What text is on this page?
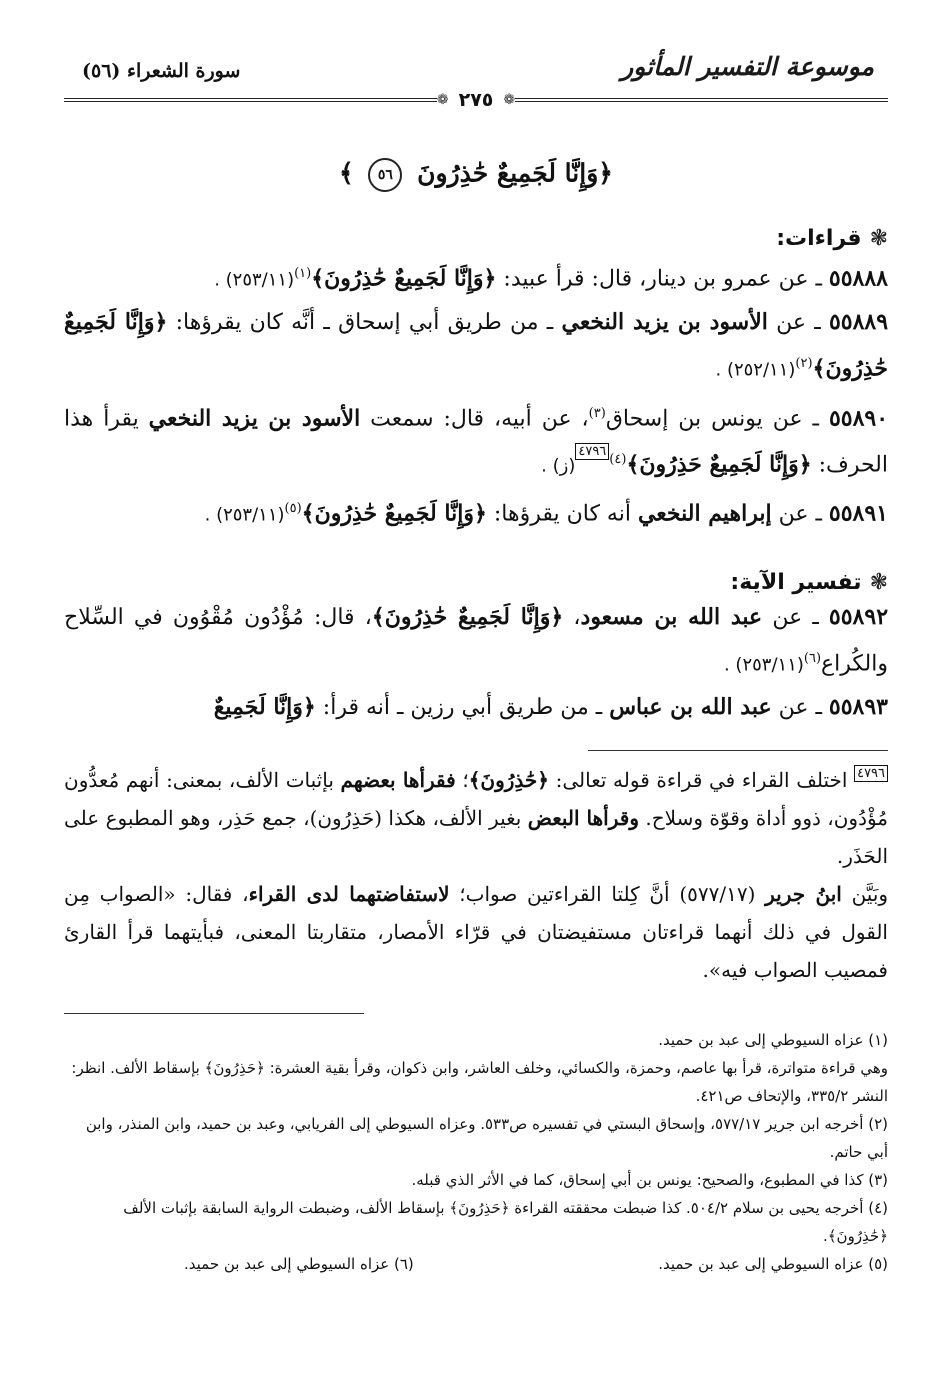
موسوعة التفسير المأثور
سورة الشعراء (٥٦)
❁ ٢٧٥ ❁
﴿وَإِنَّا لَجَمِيعٌ حَٰذِرُونَ ٥٦ ﴾
❃
قراءات:

٥٥٨٨٨ ـ عن عمرو بن دينار، قال: قرأ عبيد: ﴿وَإِنَّا لَجَمِيعٌ حَٰذِرُونَ﴾$^{(١)}$. (٢٥٣/١١)

٥٥٨٨٩ ـ عن الأسود بن يزيد النخعي ـ من طريق أبي إسحاق ـ أنَّه كان يقرؤها: ﴿وَإِنَّا لَجَمِيعٌ حَٰذِرُونَ﴾$^{(٢)}$. (٢٥٢/١١)

٥٥٨٩٠ ـ عن يونس بن إسحاق$^{(٣)}$، عن أبيه، قال: سمعت الأسود بن يزيد النخعي يقرأ هذا الحرف: ﴿وَإِنَّا لَجَمِيعٌ حَذِرُونَ﴾$^{(٤)}$٤٧٩٦. (ز)

٥٥٨٩١ ـ عن إبراهيم النخعي أنه كان يقرؤها: ﴿وَإِنَّا لَجَمِيعٌ حَٰذِرُونَ﴾$^{(٥)}$. (٢٥٣/١١)

❃
تفسير الآية:

٥٥٨٩٢ ـ عن عبد الله بن مسعود، ﴿وَإِنَّا لَجَمِيعٌ حَٰذِرُونَ﴾، قال: مُؤْدُون مُقْوُون في السِّلاح والكُراع$^{(٦)}$. (٢٥٣/١١)

٥٥٨٩٣ ـ عن عبد الله بن عباس ـ من طريق أبي رزين ـ أنه قرأ: ﴿وَإِنَّا لَجَمِيعٌ

٤٧٩٦ اختلف القراء في قراءة قوله تعالى: ﴿حَٰذِرُونَ﴾؛ فقرأها بعضهم بإثبات الألف، بمعنى: أنهم مُعدُّون مُؤْدُون، ذوو أداة وقوّة وسلاح. وقرأها البعض بغير الألف، هكذا (حَذِرُون)، جمع حَذِر، وهو المطبوع على الحَذَر.
وبَيَّن ابنُ جرير (٥٧٧/١٧) أنَّ كِلتا القراءتين صواب؛ لاستفاضتهما لدى القراء، فقال: «الصواب مِن القول في ذلك أنهما قراءتان مستفيضتان في قرّاء الأمصار، متقاربتا المعنى، فبأيتهما قرأ القارئ فمصيب الصواب فيه».

(١) عزاه السيوطي إلى عبد بن حميد.

وهي قراءة متواترة، قرأ بها عاصم، وحمزة، والكسائي، وخلف العاشر، وابن ذكوان، وقرأ بقية العشرة: ﴿حَذِرُونَ﴾ بإسقاط الألف. انظر: النشر ٣٣٥/٢، والإتحاف ص٤٢١.

(٢) أخرجه ابن جرير ٥٧٧/١٧، وإسحاق البستي في تفسيره ص٥٣٣. وعزاه السيوطي إلى الفريابي، وعبد بن حميد، وابن المنذر، وابن أبي حاتم.

(٣) كذا في المطبوع، والصحيح: يونس بن أبي إسحاق، كما في الأثر الذي قبله.

(٤) أخرجه يحيى بن سلام ٥٠٤/٢. كذا ضبطت محققته القراءة ﴿حَذِرُونَ﴾ بإسقاط الألف، وضبطت الرواية السابقة بإثبات الألف ﴿حَٰذِرُونَ﴾.

(٥) عزاه السيوطي إلى عبد بن حميد.
(٦) عزاه السيوطي إلى عبد بن حميد.
